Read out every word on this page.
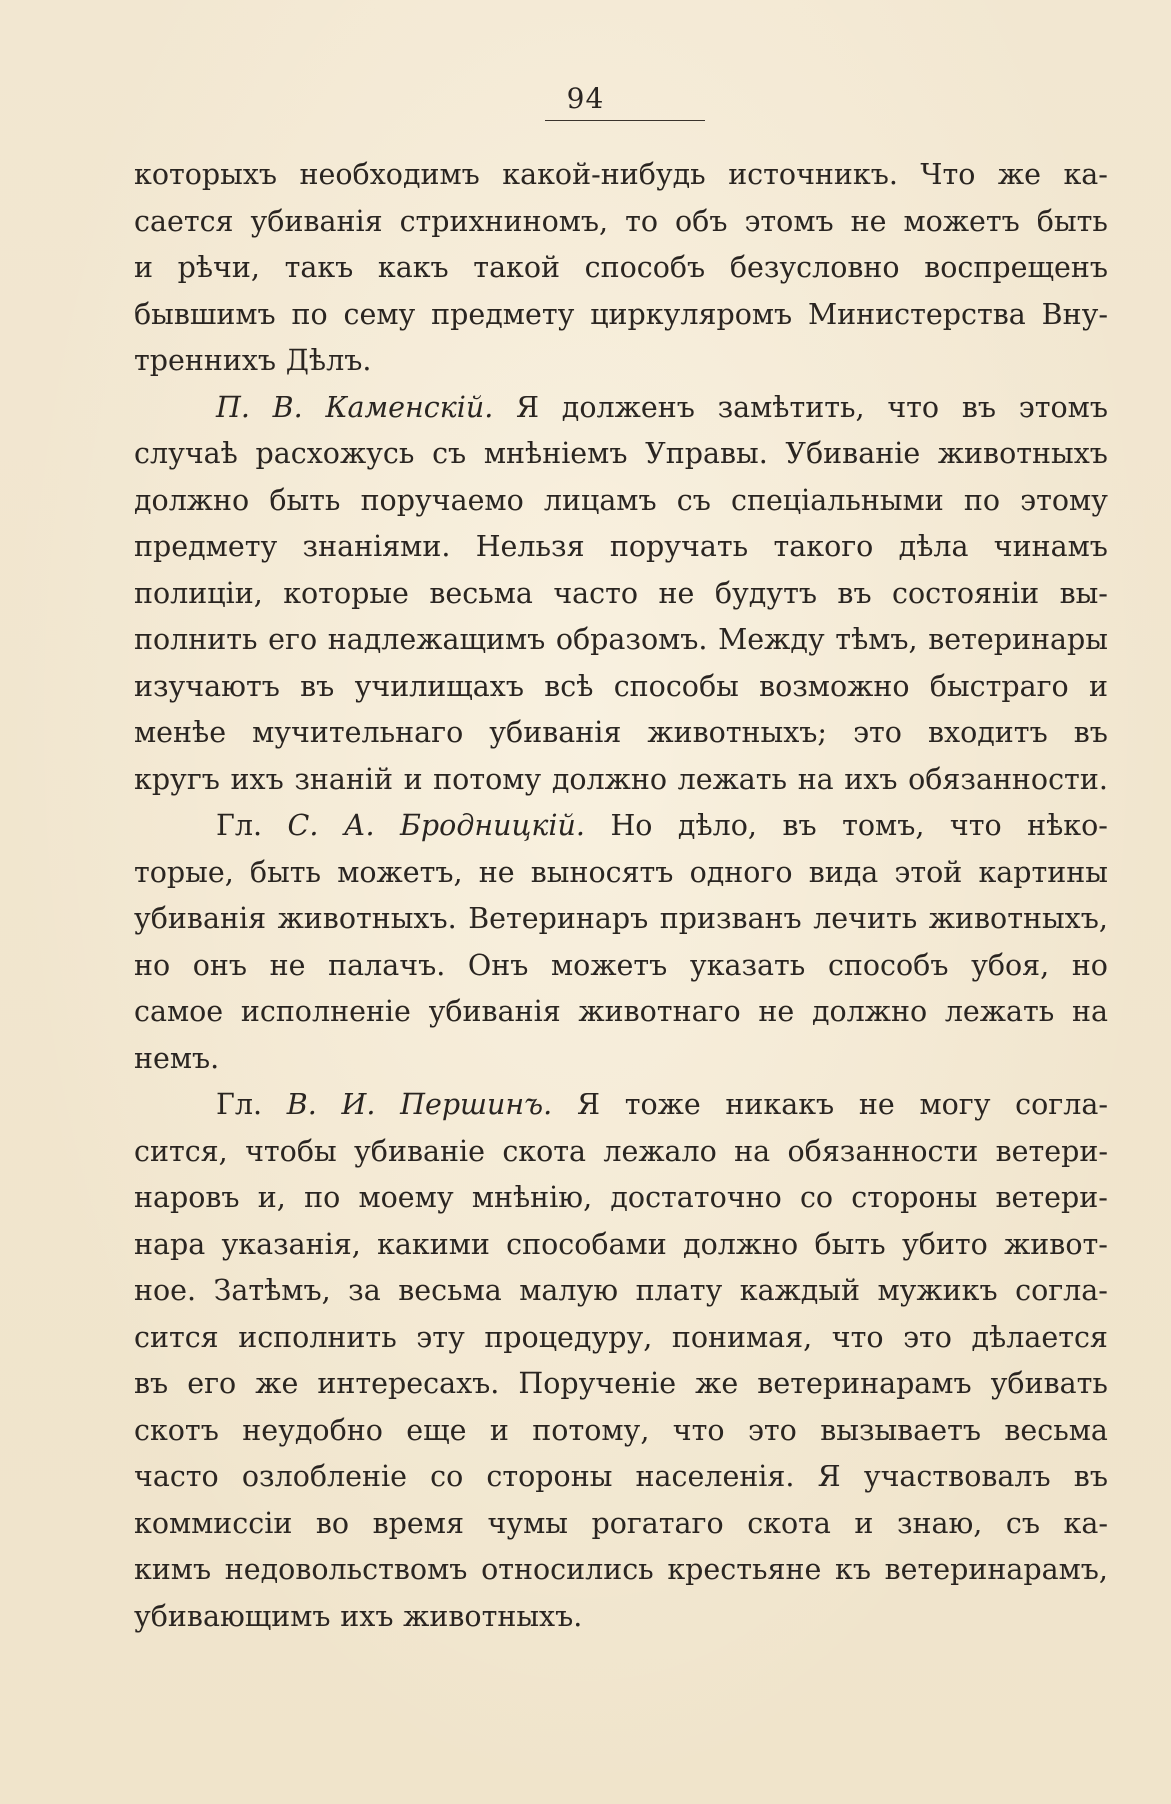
94
которыхъ необходимъ какой-нибудь источникъ. Что же ка-
сается убиванія стрихниномъ, то объ этомъ не можетъ быть
и рѣчи, такъ какъ такой способъ безусловно воспрещенъ
бывшимъ по сему предмету циркуляромъ Министерства Вну-
треннихъ Дѣлъ.
П. В. Каменскій. Я долженъ замѣтить, что въ этомъ
случаѣ расхожусь съ мнѣніемъ Управы. Убиваніе животныхъ
должно быть поручаемо лицамъ съ спеціальными по этому
предмету знаніями. Нельзя поручать такого дѣла чинамъ
полиціи, которые весьма часто не будутъ въ состояніи вы-
полнить его надлежащимъ образомъ. Между тѣмъ, ветеринары
изучаютъ въ училищахъ всѣ способы возможно быстраго и
менѣе мучительнаго убиванія животныхъ; это входитъ въ
кругъ ихъ знаній и потому должно лежать на ихъ обязанности.
Гл. С. А. Бродницкій. Но дѣло, въ томъ, что нѣко-
торые, быть можетъ, не выносятъ одного вида этой картины
убиванія животныхъ. Ветеринаръ призванъ лечить животныхъ,
но онъ не палачъ. Онъ можетъ указать способъ убоя, но
самое исполненіе убиванія животнаго не должно лежать на
немъ.
Гл. В. И. Першинъ. Я тоже никакъ не могу согла-
сится, чтобы убиваніе скота лежало на обязанности ветери-
наровъ и, по моему мнѣнію, достаточно со стороны ветери-
нара указанія, какими способами должно быть убито живот-
ное. Затѣмъ, за весьма малую плату каждый мужикъ согла-
сится исполнить эту процедуру, понимая, что это дѣлается
въ его же интересахъ. Порученіе же ветеринарамъ убивать
скотъ неудобно еще и потому, что это вызываетъ весьма
часто озлобленіе со стороны населенія. Я участвовалъ въ
коммиссіи во время чумы рогатаго скота и знаю, съ ка-
кимъ недовольствомъ относились крестьяне къ ветеринарамъ,
убивающимъ ихъ животныхъ.
